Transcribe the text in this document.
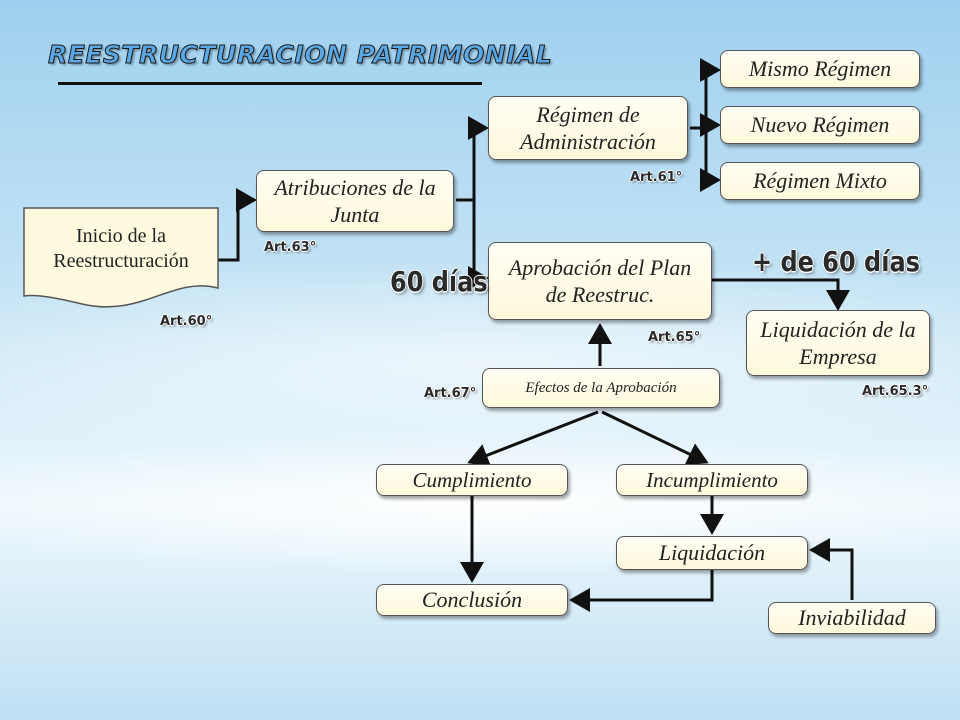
REESTRUCTURACION PATRIMONIAL
Inicio de la Reestructuración
Atribuciones de la Junta
Régimen de Administración
Mismo Régimen
Nuevo Régimen
Régimen Mixto
Aprobación del Plan de Reestruc.
Liquidación de la Empresa
Efectos de la Aprobación
Cumplimiento	Incumplimiento
Liquidación
Conclusión
Inviabilidad
Art.60°
Art.63°
Art.61°
Art.65°
Art.67°	Art.65.3°
60 días
+ de 60 días
